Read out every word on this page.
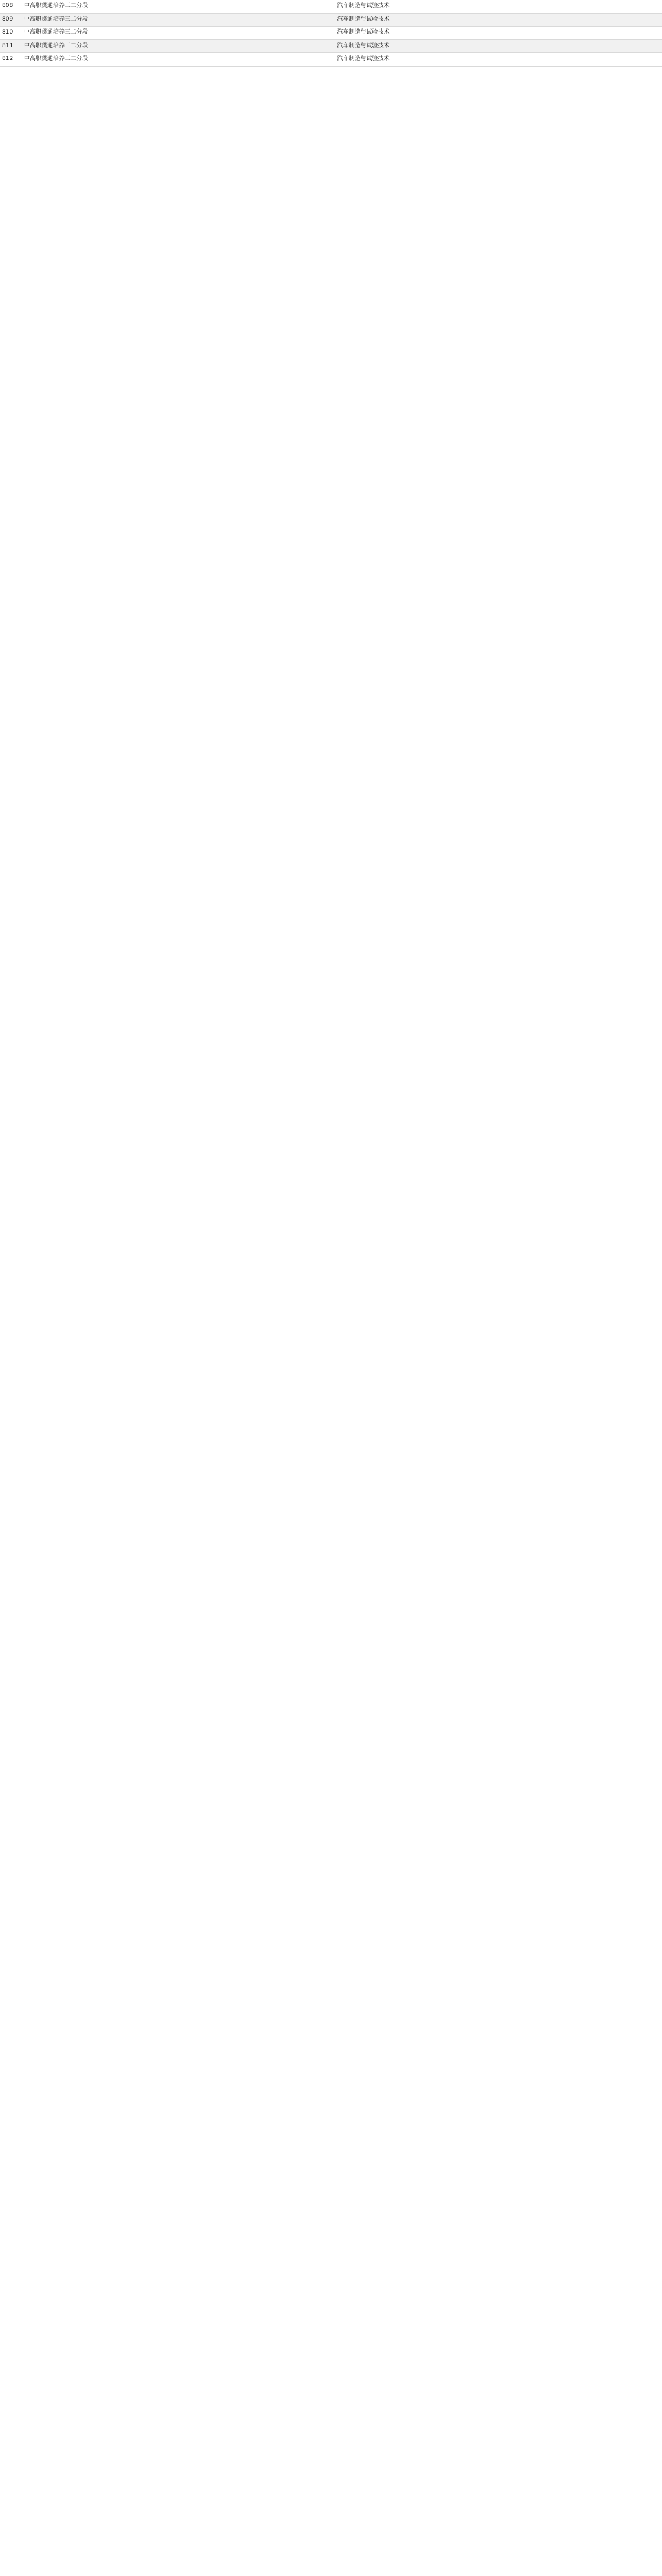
808	中高职贯通培养三二分段				汽车制造与试验技术		
809	中高职贯通培养三二分段				汽车制造与试验技术		
810	中高职贯通培养三二分段				汽车制造与试验技术		
811	中高职贯通培养三二分段				汽车制造与试验技术		
812	中高职贯通培养三二分段				汽车制造与试验技术		
